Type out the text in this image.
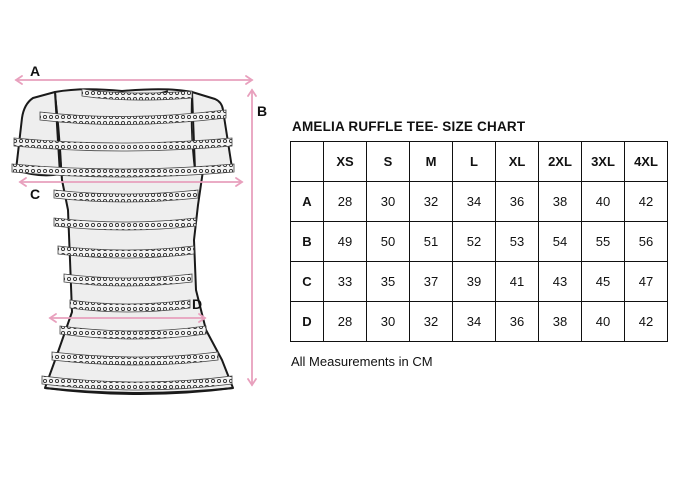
A
B
C
D
AMELIA RUFFLE TEE- SIZE CHART
	XS	S	M	L	XL	2XL	3XL	4XL
A	28	30	32	34	36	38	40	42
B	49	50	51	52	53	54	55	56
C	33	35	37	39	41	43	45	47
D	28	30	32	34	36	38	40	42

All Measurements in CM
